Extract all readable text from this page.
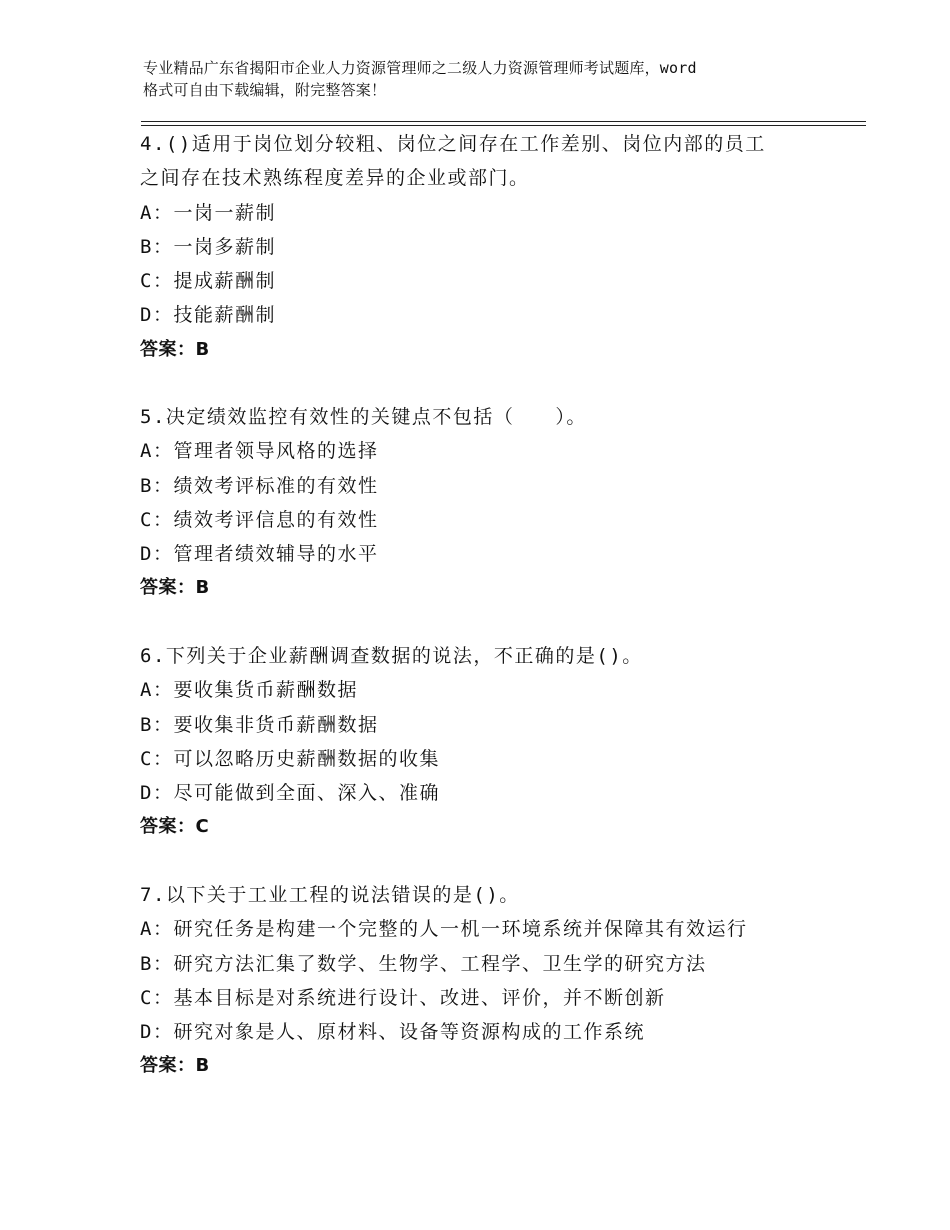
专业精品广东省揭阳市企业人力资源管理师之二级人力资源管理师考试题库，word
格式可自由下载编辑，附完整答案！
4.()适用于岗位划分较粗、岗位之间存在工作差别、岗位内部的员工
之间存在技术熟练程度差异的企业或部门。
A：一岗一薪制
B：一岗多薪制
C：提成薪酬制
D：技能薪酬制
答案：B
5.决定绩效监控有效性的关键点不包括（　　）。
A：管理者领导风格的选择
B：绩效考评标准的有效性
C：绩效考评信息的有效性
D：管理者绩效辅导的水平
答案：B
6.下列关于企业薪酬调查数据的说法，不正确的是()。
A：要收集货币薪酬数据
B：要收集非货币薪酬数据
C：可以忽略历史薪酬数据的收集
D：尽可能做到全面、深入、准确
答案：C
7.以下关于工业工程的说法错误的是()。
A：研究任务是构建一个完整的人一机一环境系统并保障其有效运行
B：研究方法汇集了数学、生物学、工程学、卫生学的研究方法
C：基本目标是对系统进行设计、改进、评价，并不断创新
D：研究对象是人、原材料、设备等资源构成的工作系统
答案：B
